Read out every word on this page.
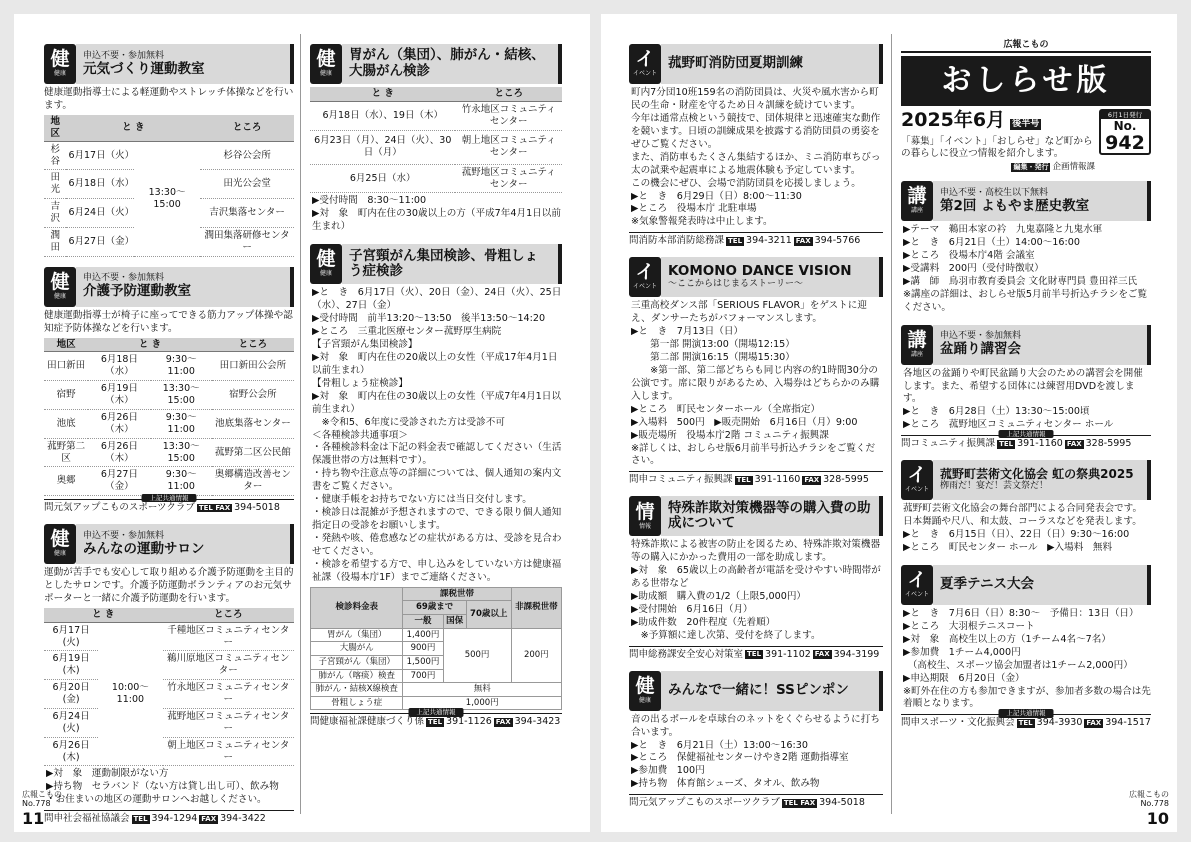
健
健康
申込不要・参加無料
元気づくり運動教室

健康運動指導士による軽運動やストレッチ体操などを行います。

地区	と き		ところ
杉谷	6月17日（火）	13:30～15:00	杉谷公会所
田光	6月18日（水）		田光公会堂
吉沢	6月24日（火）		吉沢集落センター
潤田	6月27日（金）		潤田集落研修センター
健
健康
申込不要・参加無料
介護予防運動教室

健康運動指導士が椅子に座ってできる筋力アップ体操や認知症予防体操などを行います。

地区	と き		ところ
田口新田	6月18日（水）	9:30～11:00	田口新田公会所
宿野	6月19日（木）	13:30～15:00	宿野公会所
池底	6月26日（木）	9:30～11:00	池底集落センター
菰野第二区	6月26日（木）	13:30～15:00	菰野第二区公民館
奥郷	6月27日（金）	9:30～11:00	奥郷構造改善センター
上記共通情報
問元気アップこものスポーツクラブ TEL FAX 394-5018
健
健康
申込不要・参加無料
みんなの運動サロン

運動が苦手でも安心して取り組める介護予防運動を主目的としたサロンです。介護予防運動ボランティアのお元気サポーターと一緒に介護予防運動を行います。

と き		ところ
6月17日(火)	10:00～11:00	千種地区コミュニティセンター
6月19日(木)		鵜川原地区コミュニティセンター
6月20日(金)		竹永地区コミュニティセンター
6月24日(火)		菰野地区コミュニティセンター
6月26日(木)		朝上地区コミュニティセンター
▶対　象　運動制限がない方
▶持ち物　セラバンド（ない方は貸し出し可）、飲み物
・お住まいの地区の運動サロンへお越しください。
問申社会福祉協議会 TEL 394-1294 FAX 394-3422
健
健康
胃がん（集団）、肺がん・結核、大腸がん検診
と き	ところ
6月18日（水）、19日（木）	竹永地区コミュニティセンター
6月23日（月）、24日（火）、30日（月）	朝上地区コミュニティセンター
6月25日（水）	菰野地区コミュニティセンター
▶受付時間　8:30～11:00
▶対　象　町内在住の30歳以上の方（平成7年4月1日以前生まれ）
健
健康
子宮頸がん集団検診、骨粗しょう症検診
▶と　き　6月17日（火）、20日（金）、24日（火）、25日（水）、27日（金）
▶受付時間　前半13:20～13:50　後半13:50～14:20
▶ところ　三重北医療センター菰野厚生病院
【子宮頸がん集団検診】
▶対　象　町内在住の20歳以上の女性（平成17年4月1日以前生まれ）
【骨粗しょう症検診】
▶対　象　町内在住の30歳以上の女性（平成7年4月1日以前生まれ）
　※令和5、6年度に受診された方は受診不可
＜各種検診共通事項＞
・各種検診料金は下記の料金表で確認してください（生活保護世帯の方は無料です）。
・持ち物や注意点等の詳細については、個人通知の案内文書をご覧ください。
・健康手帳をお持ちでない方には当日交付します。
・検診日は混雑が予想されますので、できる限り個人通知指定日の受診をお願いします。
・発熱や咳、倦怠感などの症状がある方は、受診を見合わせてください。
・検診を希望する方で、申し込みをしていない方は健康福祉課（役場本庁1F）までご連絡ください。
検診料金表	課税世帯			非課税世帯
	69歳まで		70歳以上	
	一般	国保		
胃がん（集団）	1,400円	500円		200円
大腸がん	900円			
子宮頸がん（集団）	1,500円			
肺がん（喀痰）検査	700円			
肺がん・結核X線検査	無料			
骨粗しょう症	1,000円			
上記共通情報
問健康福祉課健康づくり係 TEL 391-1126 FAX 394-3423
広報こもの
No.778
11
イ
イベント
菰野町消防団夏期訓練
町内7分団10班159名の消防団員は、火災や風水害から町民の生命・財産を守るため日々訓練を続けています。
今年は通常点検という競技で、団体規律と迅速確実な動作を競います。日頃の訓練成果を披露する消防団員の勇姿をぜひご覧ください。
また、消防車もたくさん集結するほか、ミニ消防車ちびっ太の試乗や起震車による地震体験も予定しています。
この機会にぜひ、会場で消防団員を応援しましょう。
▶と　き　6月29日（日）8:00～11:30
▶ところ　役場本庁 北駐車場
※気象警報発表時は中止します。
問消防本部消防総務課 TEL 394-3211 FAX 394-5766
イ
イベント
KOMONO DANCE VISION
～ここからはじまるストーリー～
三重高校ダンス部「SERIOUS FLAVOR」をゲストに迎え、ダンサーたちがパフォーマンスします。
▶と　き　7月13日（日）
　　第一部 開演13:00（開場12:15）
　　第二部 開演16:15（開場15:30）
　　※第一部、第二部どちらも同じ内容の約1時間30分の公演です。席に限りがあるため、入場券はどちらかのみ購入します。
▶ところ　町民センターホール（全席指定）
▶入場料　500円　▶販売開始　6月16日（月）9:00
▶販売場所　役場本庁2階 コミュニティ振興課
※詳しくは、おしらせ版6月前半号折込チラシをご覧ください。
問申コミュニティ振興課 TEL 391-1160 FAX 328-5995
情
情報
特殊詐欺対策機器等の購入費の助成について
特殊詐欺による被害の防止を図るため、特殊詐欺対策機器等の購入にかかった費用の一部を助成します。
▶対　象　65歳以上の高齢者が電話を受けやすい時間帯がある世帯など
▶助成額　購入費の1/2（上限5,000円）
▶受付開始　6月16日（月）
▶助成件数　20件程度（先着順）
　※予算額に達し次第、受付を終了します。
問申総務課安全安心対策室 TEL 391-1102 FAX 394-3199
健
健康
みんなで一緒に！SSピンポン
音の出るボールを卓球台のネットをくぐらせるように打ち合います。
▶と　き　6月21日（土）13:00～16:30
▶ところ　保健福祉センターけやき2階 運動指導室
▶参加費　100円
▶持ち物　体育館シューズ、タオル、飲み物
問元気アップこものスポーツクラブ TEL FAX 394-5018
広報こもの
おしらせ版
2025年6月 後半号

「募集」「イベント」「おしらせ」など町からの暮らしに役立つ情報を紹介します。

編集・発行 企画情報課
6月1日発行
No.
942
講
講座
申込不要・高校生以下無料
第2回 よもやま歴史教室
▶テーマ　鵜田本家の衿　九鬼嘉隆と九鬼水軍
▶と　き　6月21日（土）14:00～16:00
▶ところ　役場本庁4階 会議室
▶受講料　200円（受付時徴収）
▶講　師　鳥羽市教育委員会 文化財専門員 豊田祥三氏
※講座の詳細は、おしらせ版5月前半号折込チラシをご覧ください。
講
講座
申込不要・参加無料
盆踊り講習会
各地区の盆踊りや町民盆踊り大会のための講習会を開催します。また、希望する団体には練習用DVDを渡します。
▶と　き　6月28日（土）13:30～15:00頃
▶ところ　菰野地区コミュニティセンター ホール
上記共通情報
問コミュニティ振興課 TEL 391-1160 FAX 328-5995
イ
イベント
菰野町芸術文化協会 虹の祭典2025
栁雨だ！宴だ！芸文祭だ！
菰野町芸術文化協会の舞台部門による合同発表会です。日本舞踊や尺八、和太鼓、コーラスなどを発表します。
▶と　き　6月15日（日）、22日（日）9:30～16:00
▶ところ　町民センター ホール　▶入場料　無料
イ
イベント
夏季テニス大会
▶と　き　7月6日（日）8:30～　予備日：13日（日）
▶ところ　大羽根テニスコート
▶対　象　高校生以上の方（1チーム4名～7名）
▶参加費　1チーム4,000円
　（高校生、スポーツ協会加盟者は1チーム2,000円）
▶申込期限　6月20日（金）
※町外在住の方も参加できますが、参加者多数の場合は先着順となります。
上記共通情報
問申スポーツ・文化振興会 TEL 394-3930 FAX 394-1517
広報こもの
No.778
10
